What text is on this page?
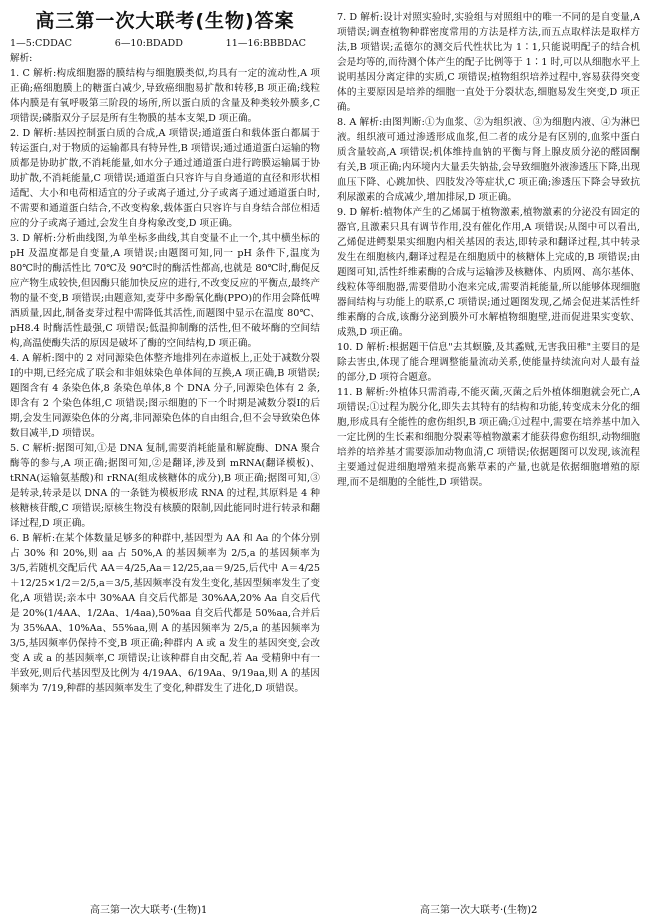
高三第一次大联考(生物)答案
1—5:CDDAC	6—10:BDADD	11—16:BBBDAC
解析:
1. C 解析:构成细胞器的膜结构与细胞膜类似,均具有一定的流动性,A 项正确;癌细胞膜上的糖蛋白减少,导致癌细胞易扩散和转移,B 项正确;线粒体内膜是有氧呼吸第三阶段的场所,所以蛋白质的含量及种类较外膜多,C 项错误;磷脂双分子层是所有生物膜的基本支架,D 项正确。
2. D 解析:基因控制蛋白质的合成,A 项错误;通道蛋白和载体蛋白都属于转运蛋白,对于物质的运输都具有特异性,B 项错误;通过通道蛋白运输的物质都是协助扩散,不消耗能量,如水分子通过通道蛋白进行跨膜运输属于协助扩散,不消耗能量,C 项错误;通道蛋白只容许与自身通道的直径和形状相适配、大小和电荷相适宜的分子或离子通过,分子或离子通过通道蛋白时,不需要和通道蛋白结合,不改变构象,载体蛋白只容许与自身结合部位相适应的分子或离子通过,会发生自身构象改变,D 项正确。
3. D 解析:分析曲线图,为单坐标多曲线,其自变量不止一个,其中横坐标的 pH 及温度都是自变量,A 项错误;由题图可知,同一 pH 条件下,温度为 80℃时的酶活性比 70℃及 90℃时的酶活性都高,也就是 80℃时,酶促反应产物生成较快,但因酶只能加快反应的进行,不改变反应的平衡点,最终产物的量不变,B 项错误;由题意知,麦芽中多酚氧化酶(PPO)的作用会降低啤酒质量,因此,制备麦芽过程中需降低其活性,而题图中显示在温度 80℃、pH8.4 时酶活性最强,C 项错误;低温抑制酶的活性,但不破坏酶的空间结构,高温使酶失活的原因是破坏了酶的空间结构,D 项正确。
4. A 解析:图中的 2 对同源染色体整齐地排列在赤道板上,正处于减数分裂Ⅰ的中期,已经完成了联会和非姐妹染色单体间的互换,A 项正确,B 项错误;题图含有 4 条染色体,8 条染色单体,8 个 DNA 分子,同源染色体有 2 条,即含有 2 个染色体组,C 项错误;图示细胞的下一个时期是减数分裂Ⅰ的后期,会发生同源染色体的分离,非同源染色体的自由组合,但不会导致染色体数目减半,D 项错误。
5. C 解析:据图可知,①是 DNA 复制,需要消耗能量和解旋酶、DNA 聚合酶等的参与,A 项正确;据图可知,②是翻译,涉及到 mRNA(翻译模板)、tRNA(运输氨基酸)和 rRNA(组成核糖体的成分),B 项正确;据图可知,③是转录,转录是以 DNA 的一条链为模板形成 RNA 的过程,其原料是 4 种核糖核苷酸,C 项错误;原核生物没有核膜的限制,因此能同时进行转录和翻译过程,D 项正确。
6. B 解析:在某个体数量足够多的种群中,基因型为 AA 和 Aa 的个体分别占 30% 和 20%,则 aa 占 50%,A 的基因频率为 2/5,a 的基因频率为 3/5,若随机交配后代 AA＝4/25,Aa＝12/25,aa＝9/25,后代中 A＝4/25＋12/25×1/2＝2/5,a＝3/5,基因频率没有发生变化,基因型频率发生了变化,A 项错误;亲本中 30%AA 自交后代都是 30%AA,20% Aa 自交后代是 20%(1/4AA、1/2Aa、1/4aa),50%aa 自交后代都是 50%aa,合并后为 35%AA、10%Aa、55%aa,则 A 的基因频率为 2/5,a 的基因频率为 3/5,基因频率仍保持不变,B 项正确;种群内 A 或 a 发生的基因突变,会改变 A 或 a 的基因频率,C 项错误;让该种群自由交配,若 Aa 受精卵中有一半致死,则后代基因型及比例为 4/19AA、6/19Aa、9/19aa,则 A 的基因频率为 7/19,种群的基因频率发生了变化,种群发生了进化,D 项错误。
7. D 解析:设计对照实验时,实验组与对照组中的唯一不同的是自变量,A 项错误;调查植物种群密度常用的方法是样方法,而五点取样法是取样方法,B 项错误;孟德尔的测交后代性状比为 1∶1,只能说明配子的结合机会是均等的,而待测个体产生的配子比例等于 1∶1 时,可以从细胞水平上说明基因分离定律的实质,C 项错误;植物组织培养过程中,容易获得突变体的主要原因是培养的细胞一直处于分裂状态,细胞易发生突变,D 项正确。
8. A 解析:由图判断:①为血浆、②为组织液、③为细胞内液、④为淋巴液。组织液可通过渗透形成血浆,但二者的成分是有区别的,血浆中蛋白质含量较高,A 项错误;机体维持血钠的平衡与肾上腺皮质分泌的醛固酮有关,B 项正确;内环境内大量丢失钠盐,会导致细胞外液渗透压下降,出现血压下降、心跳加快、四肢发冷等症状,C 项正确;渗透压下降会导致抗利尿激素的合成减少,增加排尿,D 项正确。
9. D 解析:植物体产生的乙烯属于植物激素,植物激素的分泌没有固定的器官,且激素只具有调节作用,没有催化作用,A 项错误;从图中可以看出,乙烯促进鳄梨果实细胞内相关基因的表达,即转录和翻译过程,其中转录发生在细胞核内,翻译过程是在细胞质中的核糖体上完成的,B 项错误;由题图可知,活性纤维素酶的合成与运输涉及核糖体、内质网、高尔基体、线粒体等细胞器,需要借助小泡来完成,需要消耗能量,所以能够体现细胞器间结构与功能上的联系,C 项错误;通过题图发现,乙烯会促进某活性纤维素酶的合成,该酶分泌到膜外可水解植物细胞壁,进而促进果实变软、成熟,D 项正确。
10. D 解析:根据题干信息"去其螟螣,及其蟊贼,无害我田稚"主要目的是除去害虫,体现了能合理调整能量流动关系,使能量持续流向对人最有益的部分,D 项符合题意。
11. B 解析:外植体只需消毒,不能灭菌,灭菌之后外植体细胞就会死亡,A 项错误;①过程为脱分化,即失去其特有的结构和功能,转变成未分化的细胞,形成具有全能性的愈伤组织,B 项正确;①过程中,需要在培养基中加入一定比例的生长素和细胞分裂素等植物激素才能获得愈伤组织,动物细胞培养的培养基才需要添加动物血清,C 项错误;依据题图可以发现,该流程主要通过促进细胞增殖来提高紫草素的产量,也就是依据细胞增殖的原理,而不是细胞的全能性,D 项错误。
高三第一次大联考·(生物)1	高三第一次大联考·(生物)2
